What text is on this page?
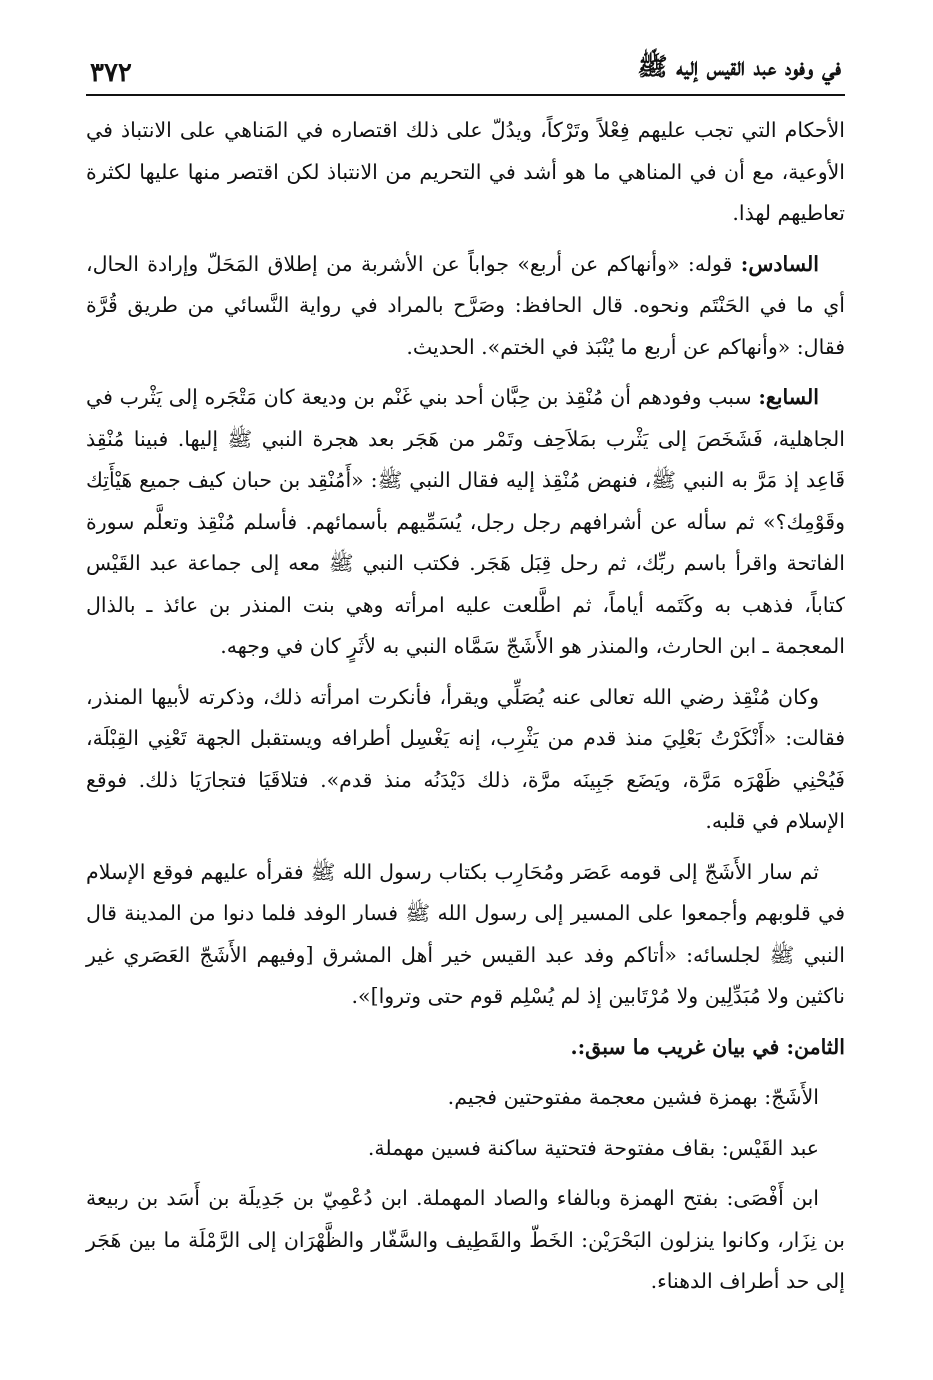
في وفود عبد القيس إليه ﷺ
٣٧٢

الأحكام التي تجب عليهم فِعْلاً وتَرْكاً، ويدُلّ على ذلك اقتصاره في المَناهي على الانتباذ في الأوعية، مع أن في المناهي ما هو أشد في التحريم من الانتباذ لكن اقتصر منها عليها لكثرة تعاطيهم لهذا.

السادس: قوله: «وأنهاكم عن أربع» جواباً عن الأشربة من إطلاق المَحَلّ وإرادة الحال، أي ما في الحَنْتَم ونحوه. قال الحافظ: وصَرَّح بالمراد في رواية النَّسائي من طريق قُرَّة فقال: «وأنهاكم عن أربع ما يُنْبَذ في الختم». الحديث.

السابع: سبب وفودهم أن مُنْقِذ بن حِبَّان أحد بني غَنْم بن وديعة كان مَتْجَره إلى يَثْرب في الجاهلية، فَشَخَصَ إلى يَثْرب بمَلاَحِف وتَمْر من هَجَر بعد هجرة النبي ﷺ إليها. فبينا مُنْقِذ قَاعِد إذ مَرَّ به النبي ﷺ، فنهض مُنْقِذ إليه فقال النبي ﷺ: «أَمُنْقِد بن حبان كيف جميع هَيْأَتِك وقَوْمِك؟» ثم سأله عن أشرافهم رجل رجل، يُسَمِّيهم بأسمائهم. فأسلم مُنْقِذ وتعلَّم سورة الفاتحة واقرأ باسم ربِّك، ثم رحل قِبَل هَجَر. فكتب النبي ﷺ معه إلى جماعة عبد القَيْس كتاباً، فذهب به وكَتَمه أياماً، ثم اطَّلعت عليه امرأته وهي بنت المنذر بن عائذ ـ بالذال المعجمة ـ ابن الحارث، والمنذر هو الأَشَجّ سَمَّاه النبي به لأثَرٍ كان في وجهه.

وكان مُنْقِذ رضي الله تعالى عنه يُصَلِّي ويقرأ، فأنكرت امرأته ذلك، وذكرته لأبيها المنذر، فقالت: «أَنْكَرْتُ بَعْلِيَ منذ قدم من يَثْرِب، إنه يَغْسِل أطرافه ويستقبل الجهة تَعْنِي القِبْلَة، فَيُحْنِي ظَهْرَه مَرَّة، ويَضَع جَبِينَه مرَّة، ذلك دَيْدَنُه منذ قدم». فتلاقَيَا فتجارَيَا ذلك. فوقع الإسلام في قلبه.

ثم سار الأَشَجّ إلى قومه عَصَر ومُحَارِب بكتاب رسول الله ﷺ فقرأه عليهم فوقع الإسلام في قلوبهم وأجمعوا على المسير إلى رسول الله ﷺ فسار الوفد فلما دنوا من المدينة قال النبي ﷺ لجلسائه: «أتاكم وفد عبد القيس خير أهل المشرق [وفيهم الأَشَجّ العَصَري غير ناكثين ولا مُبَدِّلِين ولا مُرْتَابين إذ لم يُسْلِم قوم حتى وتروا]».

الثامن: في بيان غريب ما سبق:.

الأَشَجّ: بهمزة فشين معجمة مفتوحتين فجيم.

عبد القَيْس: بقاف مفتوحة فتحتية ساكنة فسين مهملة.

ابن أَفْصَى: بفتح الهمزة وبالفاء والصاد المهملة. ابن دُعْمِيّ بن جَدِيلَة بن أَسَد بن ربيعة بن نِزَار، وكانوا ينزلون البَحْرَيْن: الخَطّ والقَطِيف والسَّفّار والظَّهْرَان إلى الرَّمْلَة ما بين هَجَر إلى حد أطراف الدهناء.
